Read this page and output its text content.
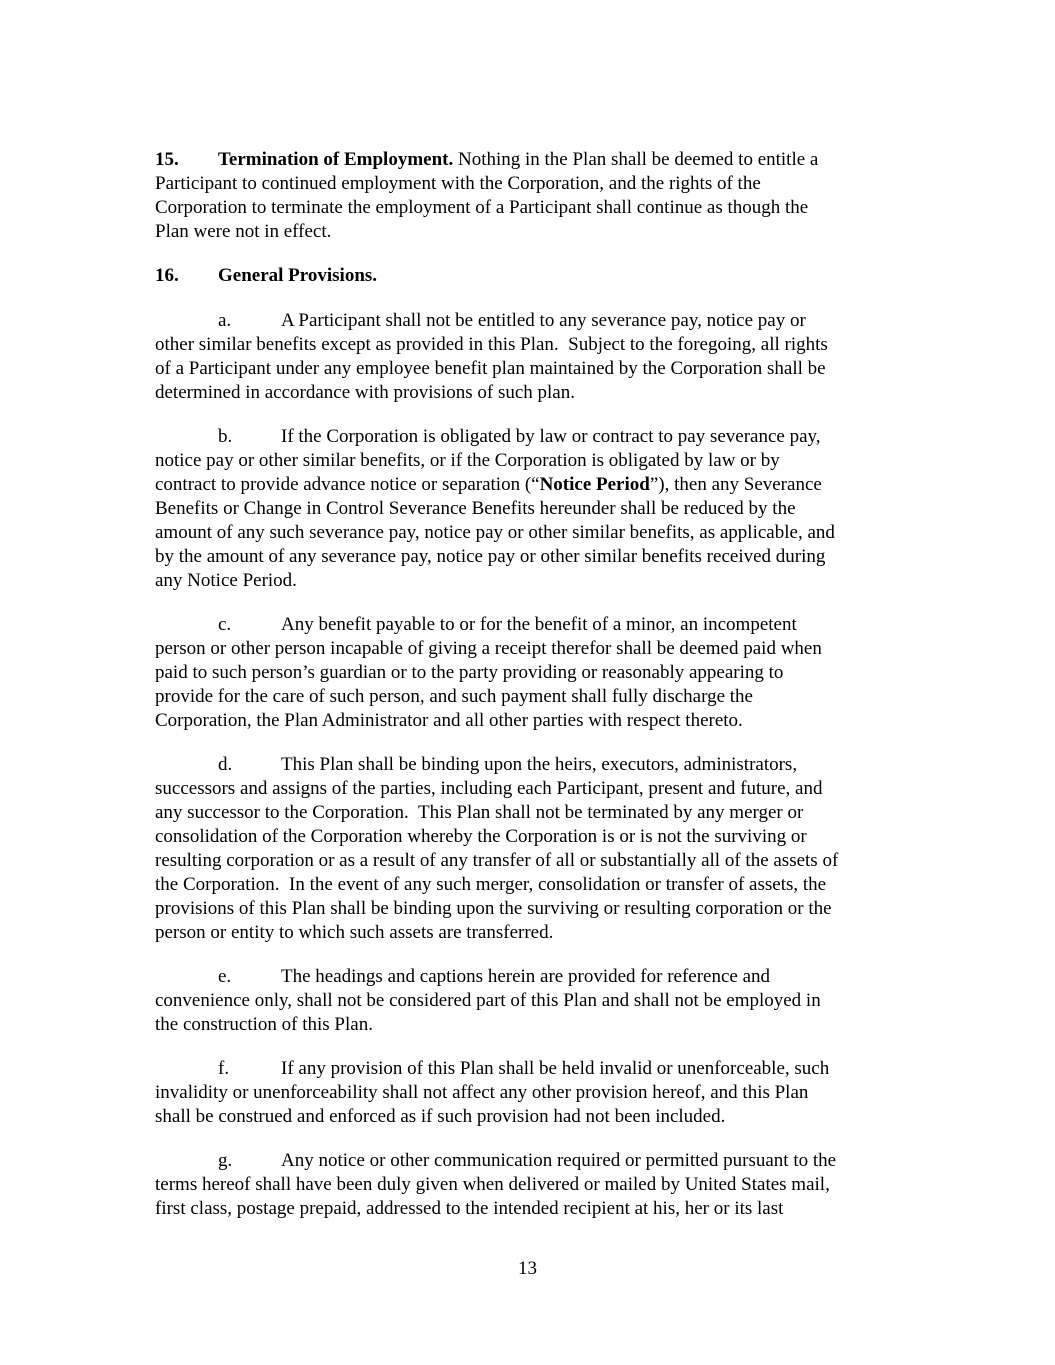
15. Termination of Employment. Nothing in the Plan shall be deemed to entitle a
Participant to continued employment with the Corporation, and the rights of the
Corporation to terminate the employment of a Participant shall continue as though the
Plan were not in effect.
16. General Provisions.
a.	A Participant shall not be entitled to any severance pay, notice pay or
other similar benefits except as provided in this Plan.  Subject to the foregoing, all rights
of a Participant under any employee benefit plan maintained by the Corporation shall be
determined in accordance with provisions of such plan.
b.	If the Corporation is obligated by law or contract to pay severance pay,
notice pay or other similar benefits, or if the Corporation is obligated by law or by
contract to provide advance notice or separation (“Notice Period”), then any Severance
Benefits or Change in Control Severance Benefits hereunder shall be reduced by the
amount of any such severance pay, notice pay or other similar benefits, as applicable, and
by the amount of any severance pay, notice pay or other similar benefits received during
any Notice Period.
c.	Any benefit payable to or for the benefit of a minor, an incompetent
person or other person incapable of giving a receipt therefor shall be deemed paid when
paid to such person’s guardian or to the party providing or reasonably appearing to
provide for the care of such person, and such payment shall fully discharge the
Corporation, the Plan Administrator and all other parties with respect thereto.
d.	This Plan shall be binding upon the heirs, executors, administrators,
successors and assigns of the parties, including each Participant, present and future, and
any successor to the Corporation.  This Plan shall not be terminated by any merger or
consolidation of the Corporation whereby the Corporation is or is not the surviving or
resulting corporation or as a result of any transfer of all or substantially all of the assets of
the Corporation.  In the event of any such merger, consolidation or transfer of assets, the
provisions of this Plan shall be binding upon the surviving or resulting corporation or the
person or entity to which such assets are transferred.
e.	The headings and captions herein are provided for reference and
convenience only, shall not be considered part of this Plan and shall not be employed in
the construction of this Plan.
f.	If any provision of this Plan shall be held invalid or unenforceable, such
invalidity or unenforceability shall not affect any other provision hereof, and this Plan
shall be construed and enforced as if such provision had not been included.
g.	Any notice or other communication required or permitted pursuant to the
terms hereof shall have been duly given when delivered or mailed by United States mail,
first class, postage prepaid, addressed to the intended recipient at his, her or its last
13
